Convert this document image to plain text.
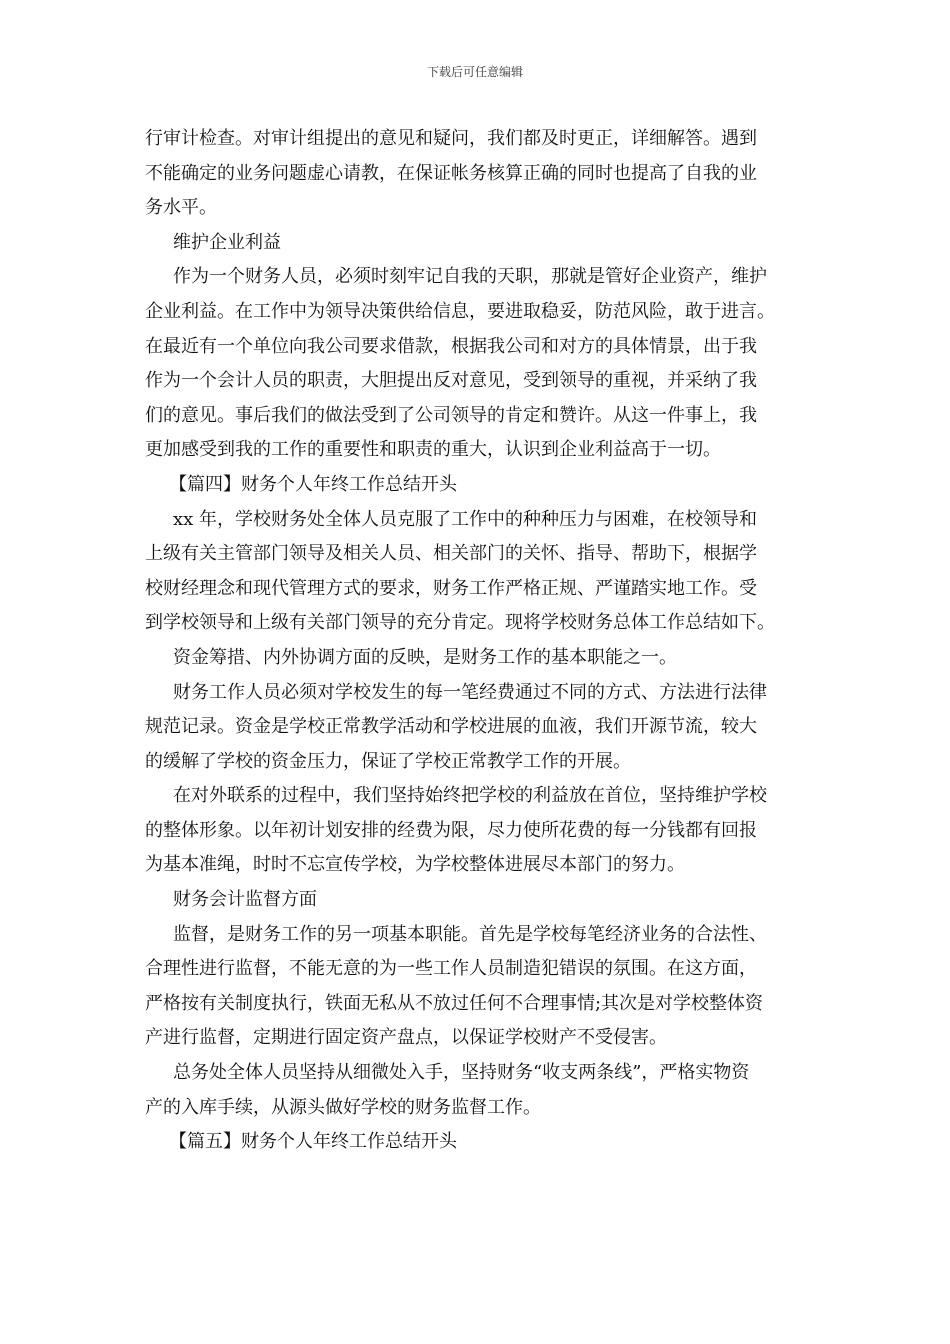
下载后可任意编辑
行审计检查。对审计组提出的意见和疑问，我们都及时更正，详细解答。遇到
不能确定的业务问题虚心请教，在保证帐务核算正确的同时也提高了自我的业
务水平。
维护企业利益
作为一个财务人员，必须时刻牢记自我的天职，那就是管好企业资产，维护
企业利益。在工作中为领导决策供给信息，要进取稳妥，防范风险，敢于进言。
在最近有一个单位向我公司要求借款，根据我公司和对方的具体情景，出于我
作为一个会计人员的职责，大胆提出反对意见，受到领导的重视，并采纳了我
们的意见。事后我们的做法受到了公司领导的肯定和赞许。从这一件事上，我
更加感受到我的工作的重要性和职责的重大，认识到企业利益高于一切。
【篇四】财务个人年终工作总结开头
xx 年，学校财务处全体人员克服了工作中的种种压力与困难，在校领导和
上级有关主管部门领导及相关人员、相关部门的关怀、指导、帮助下，根据学
校财经理念和现代管理方式的要求，财务工作严格正规、严谨踏实地工作。受
到学校领导和上级有关部门领导的充分肯定。现将学校财务总体工作总结如下。
资金筹措、内外协调方面的反映，是财务工作的基本职能之一。
财务工作人员必须对学校发生的每一笔经费通过不同的方式、方法进行法律
规范记录。资金是学校正常教学活动和学校进展的血液，我们开源节流，较大
的缓解了学校的资金压力，保证了学校正常教学工作的开展。
在对外联系的过程中，我们坚持始终把学校的利益放在首位，坚持维护学校
的整体形象。以年初计划安排的经费为限，尽力使所花费的每一分钱都有回报
为基本准绳，时时不忘宣传学校，为学校整体进展尽本部门的努力。
财务会计监督方面
监督，是财务工作的另一项基本职能。首先是学校每笔经济业务的合法性、
合理性进行监督，不能无意的为一些工作人员制造犯错误的氛围。在这方面，
严格按有关制度执行，铁面无私从不放过任何不合理事情;其次是对学校整体资
产进行监督，定期进行固定资产盘点，以保证学校财产不受侵害。
总务处全体人员坚持从细微处入手，坚持财务“收支两条线”，严格实物资
产的入库手续，从源头做好学校的财务监督工作。
【篇五】财务个人年终工作总结开头
